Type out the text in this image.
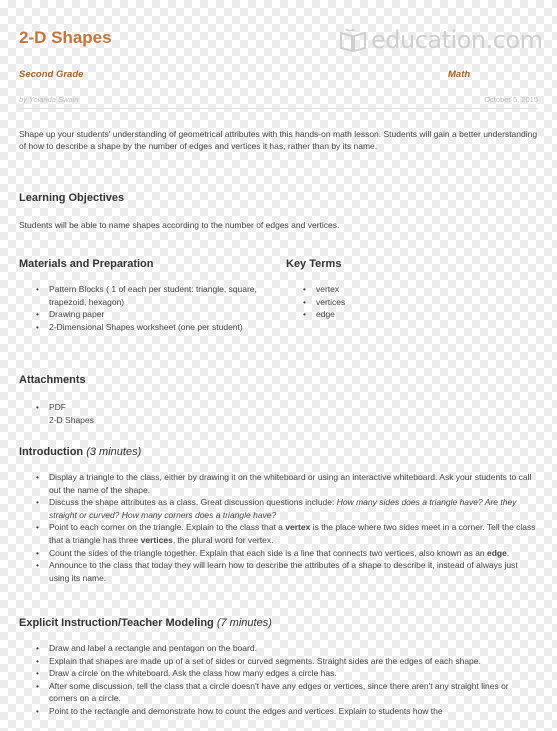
2-D Shapes	education.com
Second Grade	Math
by Yolanda Swain	October 5, 2015
Shape up your students' understanding of geometrical attributes with this hands-on math lesson. Students will gain a better understanding of how to describe a shape by the number of edges and vertices it has, rather than by its name.
Learning Objectives
Students will be able to name shapes according to the number of edges and vertices.
Materials and Preparation
• Pattern Blocks ( 1 of each per student: triangle, square, trapezoid, hexagon)
• Drawing paper
• 2-Dimensional Shapes worksheet (one per student)
Key Terms
• vertex
• vertices
• edge
Attachments
• PDF
2-D Shapes
Introduction (3 minutes)
• Display a triangle to the class, either by drawing it on the whiteboard or using an interactive whiteboard. Ask your students to call out the name of the shape.
• Discuss the shape attributes as a class. Great discussion questions include: How many sides does a triangle have? Are they straight or curved? How many corners does a triangle have?
• Point to each corner on the triangle. Explain to the class that a vertex is the place where two sides meet in a corner. Tell the class that a triangle has three vertices, the plural word for vertex.
• Count the sides of the triangle together. Explain that each side is a line that connects two vertices, also known as an edge.
• Announce to the class that today they will learn how to describe the attributes of a shape to describe it, instead of always just using its name.
Explicit Instruction/Teacher Modeling (7 minutes)
• Draw and label a rectangle and pentagon on the board.
• Explain that shapes are made up of a set of sides or curved segments. Straight sides are the edges of each shape.
• Draw a circle on the whiteboard. Ask the class how many edges a circle has.
• After some discussion, tell the class that a circle doesn't have any edges or vertices, since there aren't any straight lines or corners on a circle.
• Point to the rectangle and demonstrate how to count the edges and vertices. Explain to students how the
